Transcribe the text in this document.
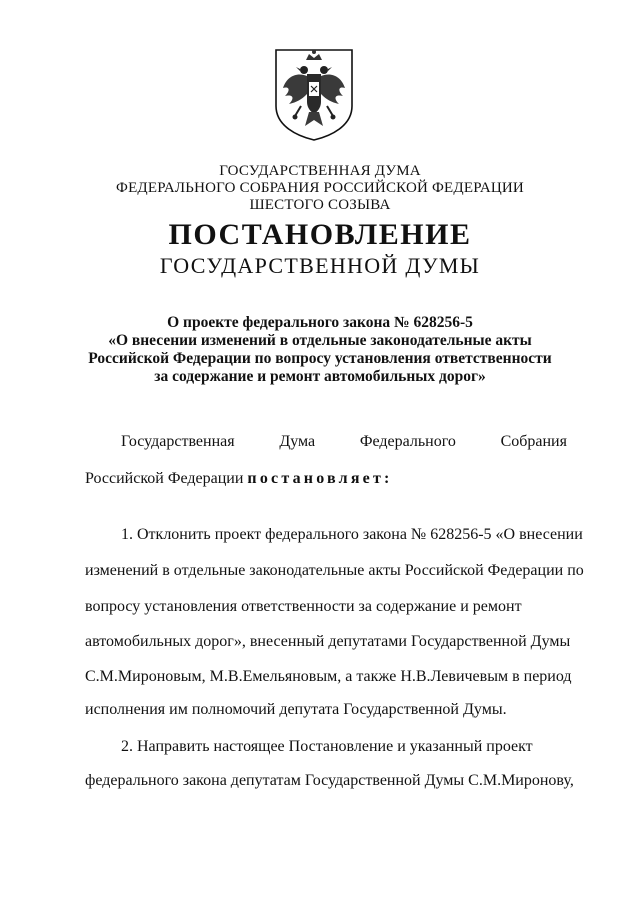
ГОСУДАРСТВЕННАЯ ДУМА
ФЕДЕРАЛЬНОГО СОБРАНИЯ РОССИЙСКОЙ ФЕДЕРАЦИИ
ШЕСТОГО СОЗЫВА
ПОСТАНОВЛЕНИЕ
ГОСУДАРСТВЕННОЙ ДУМЫ
О проекте федерального закона № 628256-5
«О внесении изменений в отдельные законодательные акты
Российской Федерации по вопросу установления ответственности
за содержание и ремонт автомобильных дорог»
Государственная	Дума	Федерального	Собрания
Российской Федерации постановляет:
1. Отклонить проект федерального закона № 628256-5 «О внесении
изменений в отдельные законодательные акты Российской Федерации по
вопросу установления ответственности за содержание и ремонт
автомобильных дорог», внесенный депутатами Государственной Думы
С.М.Мироновым, М.В.Емельяновым, а также Н.В.Левичевым в период
исполнения им полномочий депутата Государственной Думы.
2. Направить настоящее Постановление и указанный проект
федерального закона депутатам Государственной Думы С.М.Миронову,
